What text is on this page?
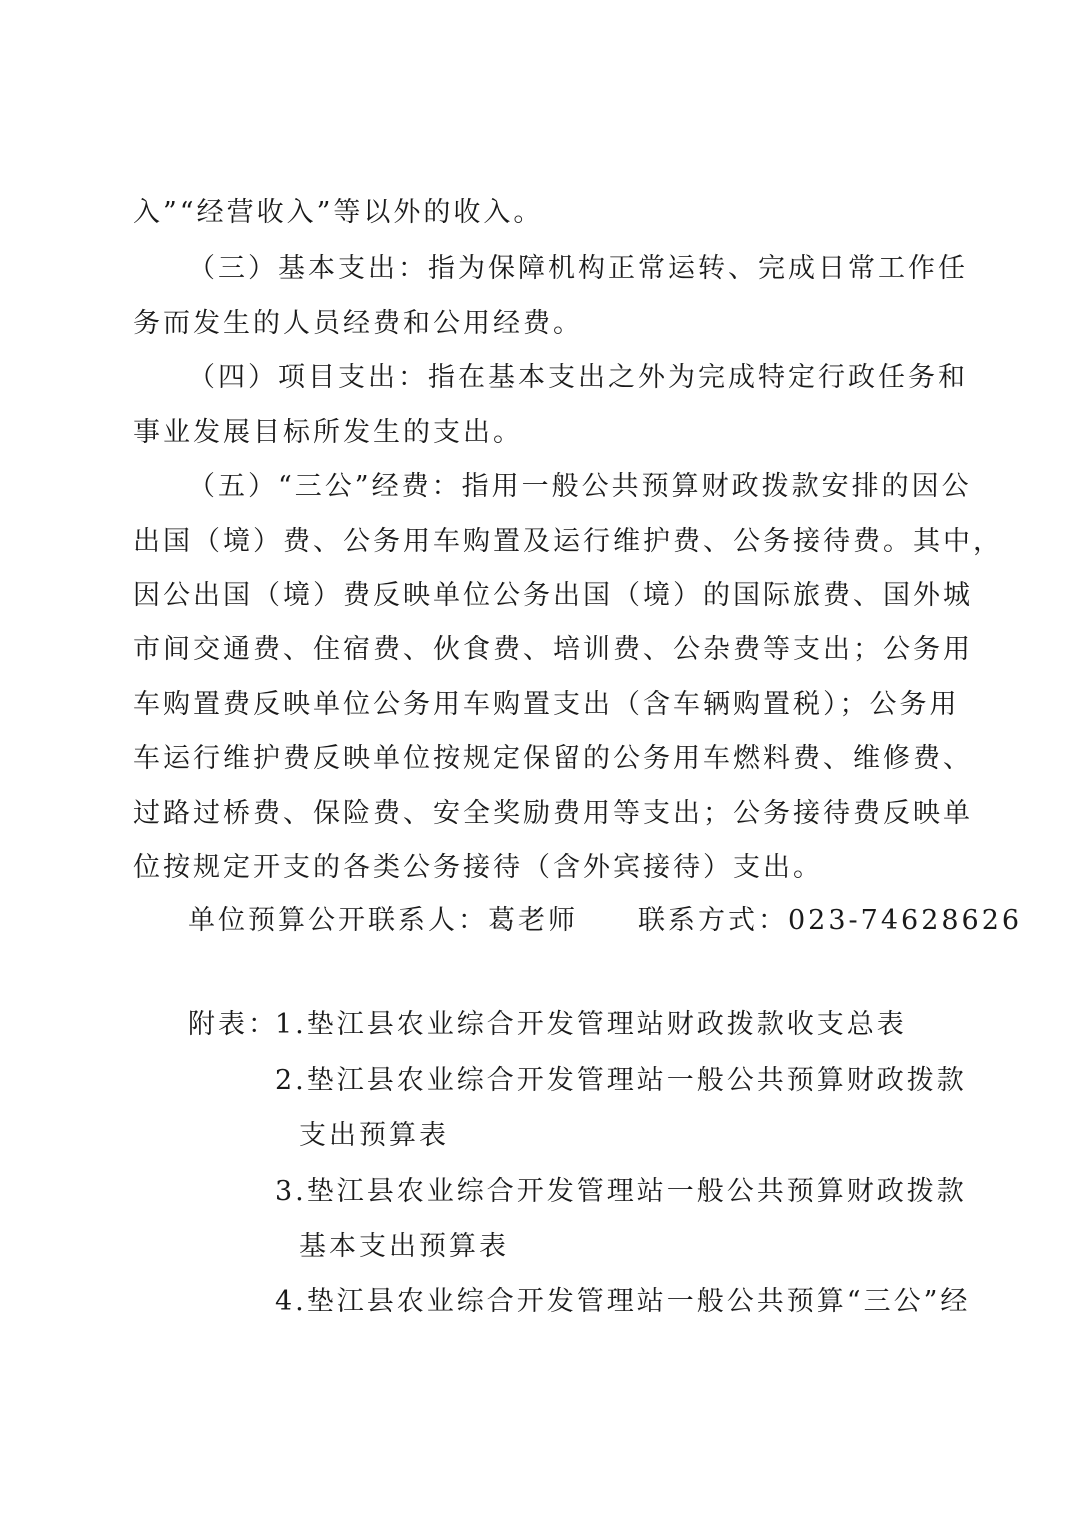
入”“经营收入”等以外的收入。
（三）基本支出：指为保障机构正常运转、完成日常工作任
务而发生的人员经费和公用经费。
（四）项目支出：指在基本支出之外为完成特定行政任务和
事业发展目标所发生的支出。
（五）“三公”经费：指用一般公共预算财政拨款安排的因公
出国（境）费、公务用车购置及运行维护费、公务接待费。其中，
因公出国（境）费反映单位公务出国（境）的国际旅费、国外城
市间交通费、住宿费、伙食费、培训费、公杂费等支出；公务用
车购置费反映单位公务用车购置支出（含车辆购置税）；公务用
车运行维护费反映单位按规定保留的公务用车燃料费、维修费、
过路过桥费、保险费、安全奖励费用等支出；公务接待费反映单
位按规定开支的各类公务接待（含外宾接待）支出。
单位预算公开联系人：葛老师　　联系方式：023-74628626
附表：
1.垫江县农业综合开发管理站财政拨款收支总表
2.垫江县农业综合开发管理站一般公共预算财政拨款
支出预算表
3.垫江县农业综合开发管理站一般公共预算财政拨款
基本支出预算表
4.垫江县农业综合开发管理站一般公共预算“三公”经
